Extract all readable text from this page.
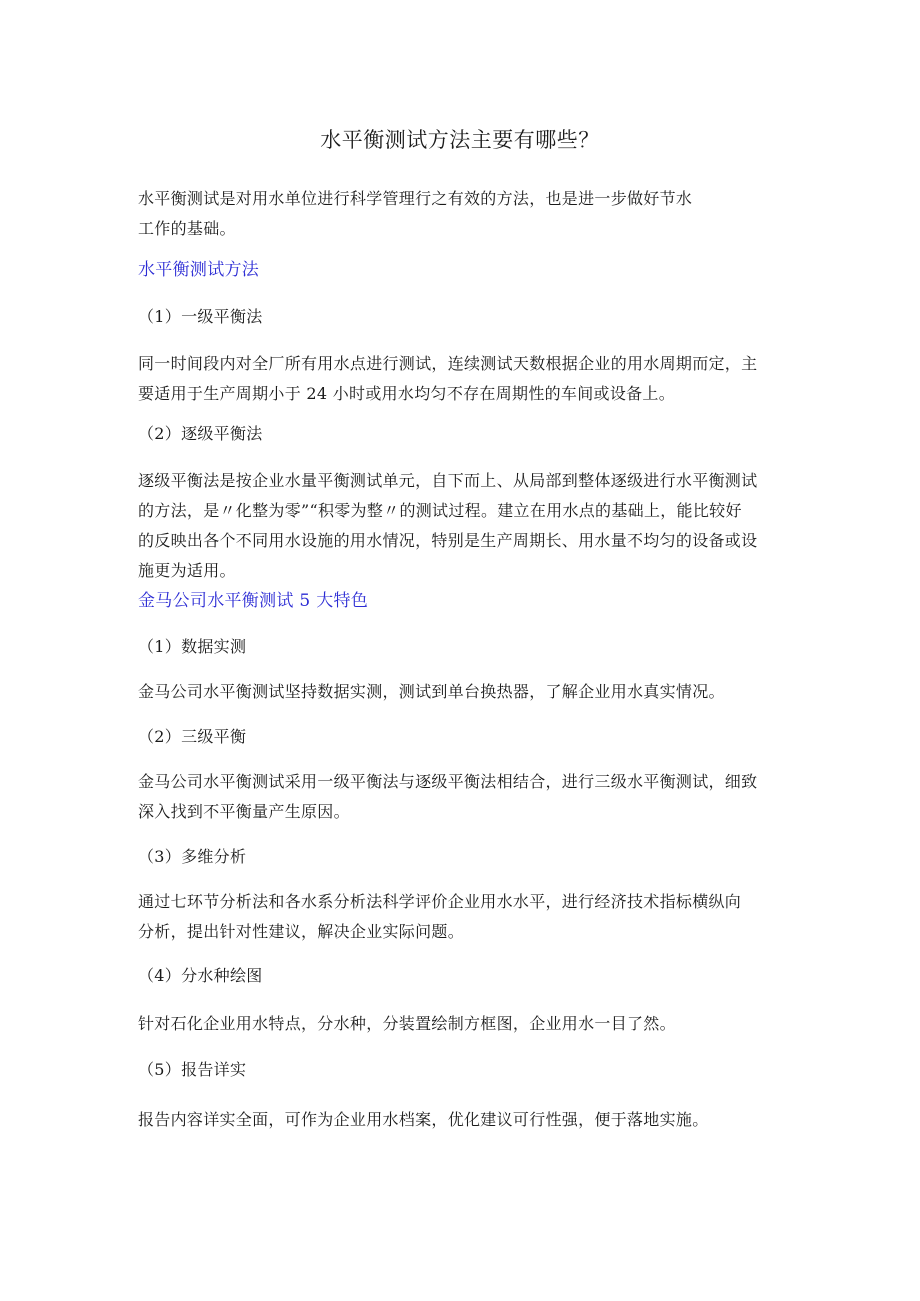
水平衡测试方法主要有哪些？
水平衡测试是对用水单位进行科学管理行之有效的方法，也是进一步做好节水
工作的基础。
水平衡测试方法
（1）一级平衡法
同一时间段内对全厂所有用水点进行测试，连续测试天数根据企业的用水周期而定，主
要适用于生产周期小于 24 小时或用水均匀不存在周期性的车间或设备上。
（2）逐级平衡法
逐级平衡法是按企业水量平衡测试单元，自下而上、从局部到整体逐级进行水平衡测试
的方法，是〃化整为零”“积零为整〃的测试过程。建立在用水点的基础上，能比较好
的反映出各个不同用水设施的用水情况，特别是生产周期长、用水量不均匀的设备或设
施更为适用。
金马公司水平衡测试 5 大特色
（1）数据实测
金马公司水平衡测试坚持数据实测，测试到单台换热器，了解企业用水真实情况。
（2）三级平衡
金马公司水平衡测试采用一级平衡法与逐级平衡法相结合，进行三级水平衡测试，细致
深入找到不平衡量产生原因。
（3）多维分析
通过七环节分析法和各水系分析法科学评价企业用水水平，进行经济技术指标横纵向
分析，提出针对性建议，解决企业实际问题。
（4）分水种绘图
针对石化企业用水特点，分水种，分装置绘制方框图，企业用水一目了然。
（5）报告详实
报告内容详实全面，可作为企业用水档案，优化建议可行性强，便于落地实施。
